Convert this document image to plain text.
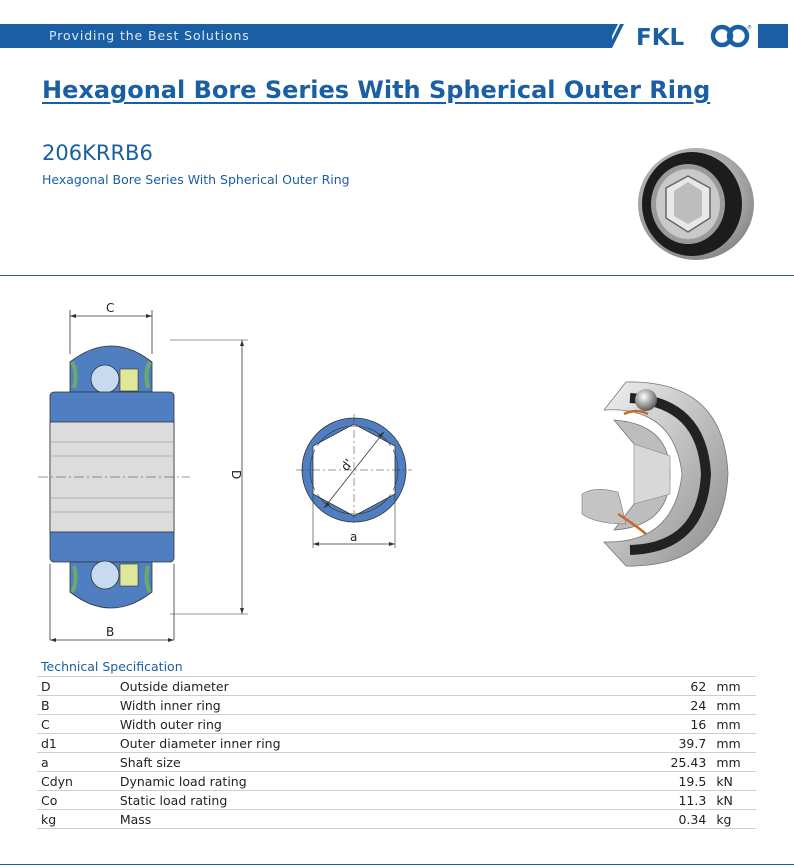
Providing the Best Solutions	FKL	®
Hexagonal Bore Series With Spherical Outer Ring
206KRRB6
Hexagonal Bore Series With Spherical Outer Ring
C
D
B
d'
a
Technical Specification
D	Outside diameter	62	mm
B	Width inner ring	24	mm
C	Width outer ring	16	mm
d1	Outer diameter inner ring	39.7	mm
a	Shaft size	25.43	mm
Cdyn	Dynamic load rating	19.5	kN
Co	Static load rating	11.3	kN
kg	Mass	0.34	kg
